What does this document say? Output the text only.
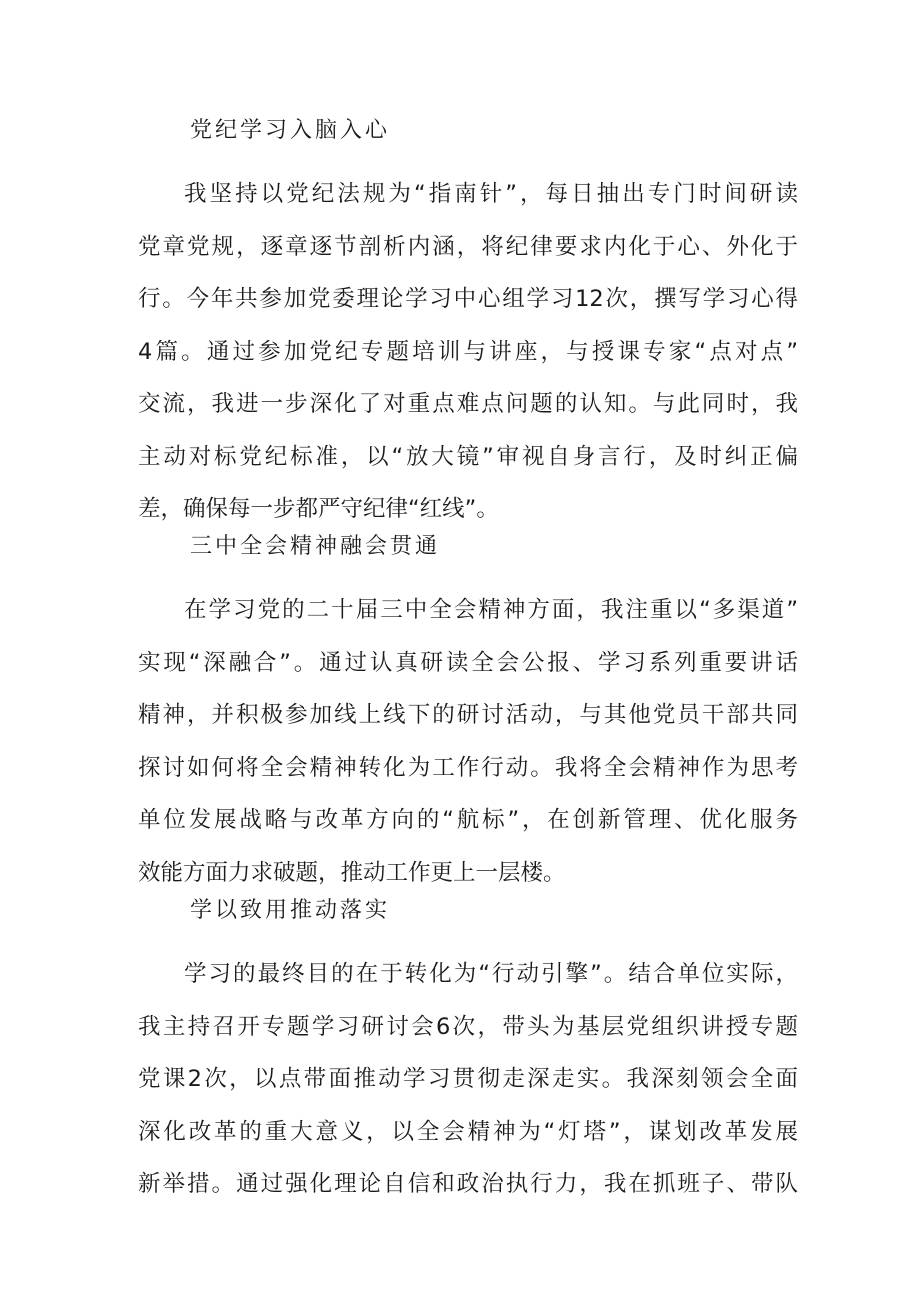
党纪学习入脑入心
我坚持以党纪法规为“指南针”，每日抽出专门时间研读
党章党规，逐章逐节剖析内涵，将纪律要求内化于心、外化于
行。今年共参加党委理论学习中心组学习12次，撰写学习心得
4篇。通过参加党纪专题培训与讲座，与授课专家“点对点”
交流，我进一步深化了对重点难点问题的认知。与此同时，我
主动对标党纪标准，以“放大镜”审视自身言行，及时纠正偏
差，确保每一步都严守纪律“红线”。
三中全会精神融会贯通
在学习党的二十届三中全会精神方面，我注重以“多渠道”
实现“深融合”。通过认真研读全会公报、学习系列重要讲话
精神，并积极参加线上线下的研讨活动，与其他党员干部共同
探讨如何将全会精神转化为工作行动。我将全会精神作为思考
单位发展战略与改革方向的“航标”，在创新管理、优化服务
效能方面力求破题，推动工作更上一层楼。
学以致用推动落实
学习的最终目的在于转化为“行动引擎”。结合单位实际，
我主持召开专题学习研讨会6次，带头为基层党组织讲授专题
党课2次，以点带面推动学习贯彻走深走实。我深刻领会全面
深化改革的重大意义，以全会精神为“灯塔”，谋划改革发展
新举措。通过强化理论自信和政治执行力，我在抓班子、带队
